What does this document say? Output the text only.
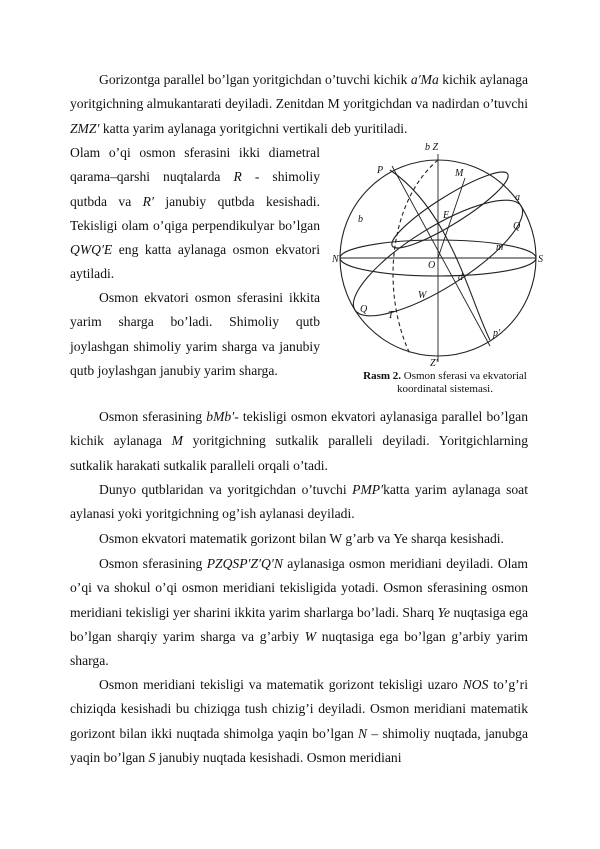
Gorizontga parallel bo’lgan yoritgichdan o’tuvchi kichik a′Ma kichik aylanaga yoritgichning almukantarati deyiladi. Zenitdan M yoritgichdan va nadirdan o’tuvchi ZMZ′ katta yarim aylanaga yoritgichni vertikali deb yuritiladi.

Olam o’qi osmon sferasini ikki diametral qarama–qarshi nuqtalarda R - shimoliy qutbda va R′ janubiy qutbda kesishadi. Tekisligi olam o’qiga perpendikulyar bo’lgan QWQ′E eng katta aylanaga osmon ekvatori aytiladi.

Osmon ekvatori osmon sferasini ikkita yarim sharga bo’ladi. Shimoliy qutb joylashgan shimoliy yarim sharga va janubiy qutb joylashgan janubiy yarim sharga.

b Z
P	M
b	E
a
Q
N
O
S
m
d
W
Q
T
p′
Z′
Rasm 2. Osmon sferasi va ekvatorial koordinatal sistemasi.

Osmon sferasining bMb′- tekisligi osmon ekvatori aylanasiga parallel bo’lgan kichik aylanaga M yoritgichning sutkalik paralleli deyiladi. Yoritgichlarning sutkalik harakati sutkalik paralleli orqali o’tadi.

Dunyo qutblaridan va yoritgichdan o’tuvchi PMP′katta yarim aylanaga soat aylanasi yoki yoritgichning og’ish aylanasi deyiladi.

Osmon ekvatori matematik gorizont bilan W g’arb va Ye sharqa kesishadi.

Osmon sferasining PZQSP′Z′Q′N aylanasiga osmon meridiani deyiladi. Olam o’qi va shokul o’qi osmon meridiani tekisligida yotadi. Osmon sferasining osmon meridiani tekisligi yer sharini ikkita yarim sharlarga bo’ladi. Sharq Ye nuqtasiga ega bo’lgan sharqiy yarim sharga va g’arbiy W nuqtasiga ega bo’lgan g’arbiy yarim sharga.

Osmon meridiani tekisligi va matematik gorizont tekisligi uzaro NOS to’g’ri chiziqda kesishadi bu chiziqga tush chizig’i deyiladi. Osmon meridiani matematik gorizont bilan ikki nuqtada shimolga yaqin bo’lgan N – shimoliy nuqtada, janubga yaqin bo’lgan S janubiy nuqtada kesishadi. Osmon meridiani
